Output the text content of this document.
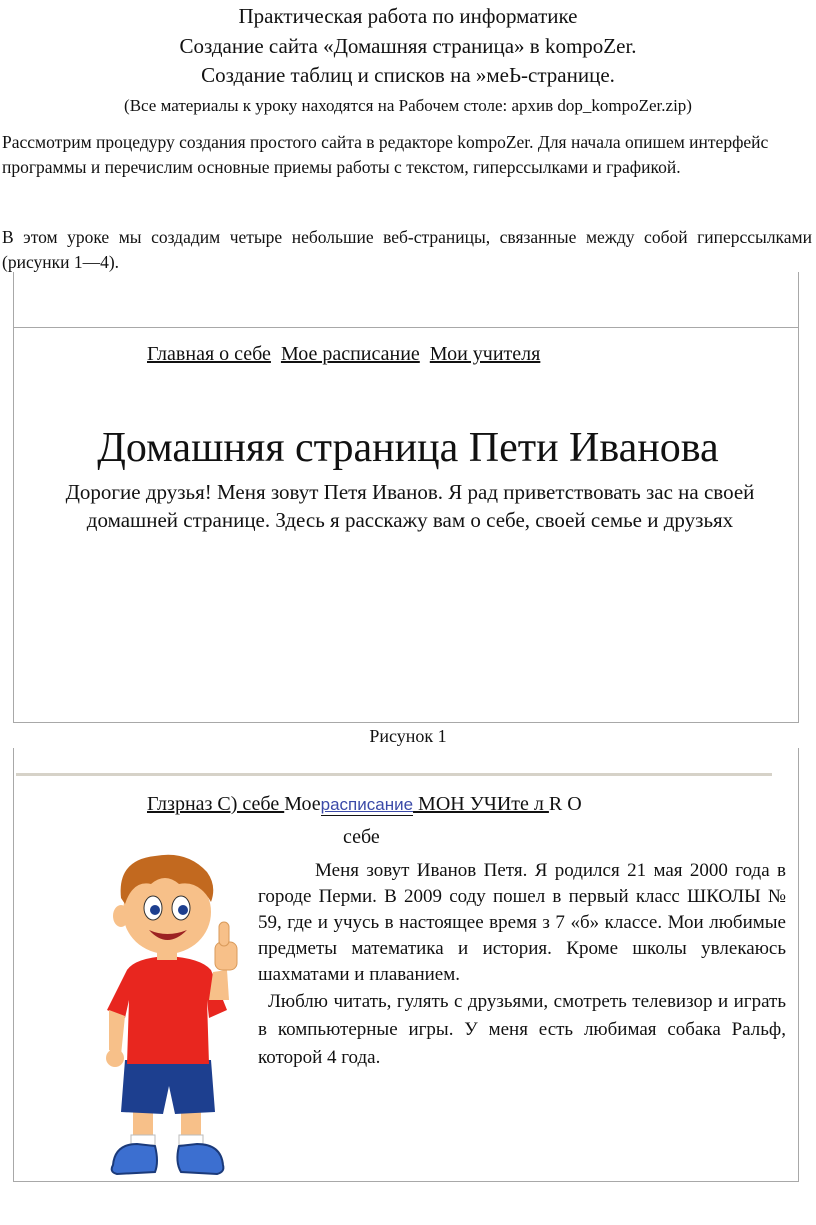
Практическая работа по информатике
Создание сайта «Домашняя страница» в kompoZer.
Создание таблиц и списков на »меЬ-странице.
(Все материалы к уроку находятся на Рабочем столе: архив dop_kompoZer.zip)
Рассмотрим процедуру создания простого сайта в редакторе kompoZer. Для начала опишем интерфейс программы и перечислим основные приемы работы с текстом, гиперссылками и графикой.
В этом уроке мы создадим четыре небольшие веб-страницы, связанные между собой гиперссылками (рисунки 1—4).
Главная о себе Мое расписание Мои учителя
Домашняя страница Пети Иванова
Дорогие друзья! Меня зовут Петя Иванов. Я рад приветствовать зас на своей домашней странице. Здесь я расскажу вам о себе, своей семье и друзьях
Рисунок 1
Глзрназ С) себе Моерасписание МОН УЧИте л R О
себе
Меня зовут Иванов Петя. Я родился 21 мая 2000 года в городе Перми. В 2009 соду пошел в первый класс ШКОЛЫ № 59, где и учусь в настоящее время з 7 «б» классе. Мои любимые предметы математика и история. Кроме школы увлекаюсь шахматами и плаванием.
Люблю читать, гулять с друзьями, смотреть телевизор и играть в компьютерные игры. У меня есть любимая собака Ральф, которой 4 года.
